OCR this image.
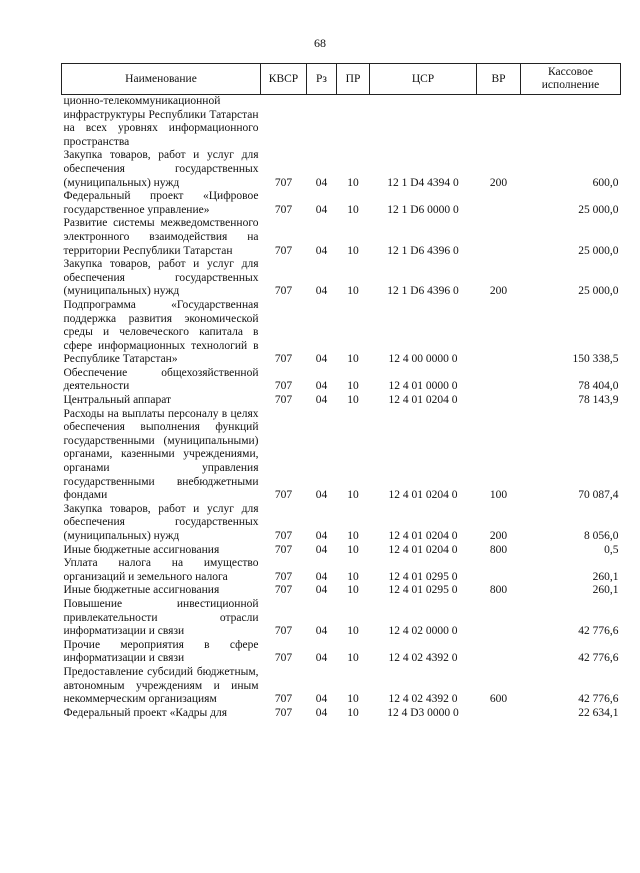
68
Наименование	КВСР	Рз	ПР	ЦСР	ВР	Кассовое исполнение
ционно-телекоммуникационной инфраструктуры Республики Татарстан на всех уровнях информационного пространства						
Закупка товаров, работ и услуг для обеспечения государственных (муниципальных) нужд	707	04	10	12 1 D4 4394 0	200	600,0
Федеральный проект «Цифровое государственное управление»	707	04	10	12 1 D6 0000 0		25 000,0
Развитие системы межведомственного электронного взаимодействия на территории Республики Татарстан	707	04	10	12 1 D6 4396 0		25 000,0
Закупка товаров, работ и услуг для обеспечения государственных (муниципальных) нужд	707	04	10	12 1 D6 4396 0	200	25 000,0
Подпрограмма «Государственная поддержка развития экономической среды и человеческого капитала в сфере информационных технологий в Республике Татарстан»	707	04	10	12 4 00 0000 0		150 338,5
Обеспечение общехозяйственной деятельности	707	04	10	12 4 01 0000 0		78 404,0
Центральный аппарат	707	04	10	12 4 01 0204 0		78 143,9
Расходы на выплаты персоналу в целях обеспечения выполнения функций государственными (муниципальными) органами, казенными учреждениями, органами управления государственными внебюджетными фондами	707	04	10	12 4 01 0204 0	100	70 087,4
Закупка товаров, работ и услуг для обеспечения государственных (муниципальных) нужд	707	04	10	12 4 01 0204 0	200	8 056,0
Иные бюджетные ассигнования	707	04	10	12 4 01 0204 0	800	0,5
Уплата налога на имущество организаций и земельного налога	707	04	10	12 4 01 0295 0		260,1
Иные бюджетные ассигнования	707	04	10	12 4 01 0295 0	800	260,1
Повышение инвестиционной привлекательности отрасли информатизации и связи	707	04	10	12 4 02 0000 0		42 776,6
Прочие мероприятия в сфере информатизации и связи	707	04	10	12 4 02 4392 0		42 776,6
Предоставление субсидий бюджетным, автономным учреждениям и иным некоммерческим организациям	707	04	10	12 4 02 4392 0	600	42 776,6
Федеральный проект «Кадры для	707	04	10	12 4 D3 0000 0		22 634,1
